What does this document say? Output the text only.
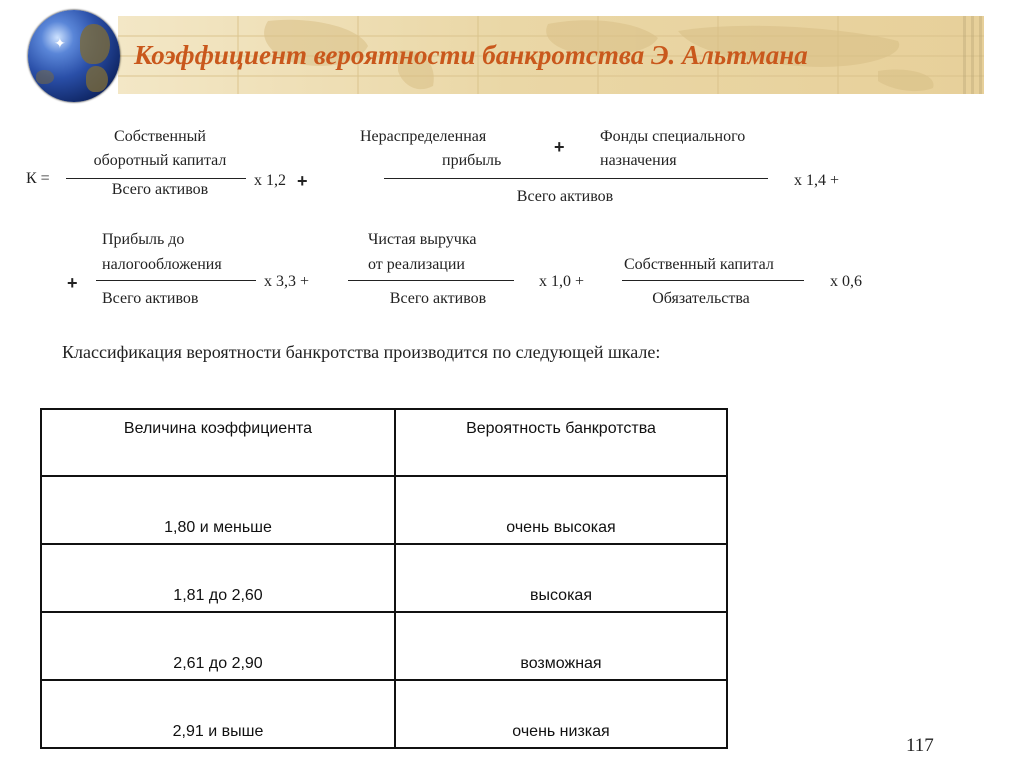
✦	Коэффициент вероятности банкротства Э. Альтмана
К =
Собственный
оборотный капитал
Всего активов
х 1,2 +
Нераспределенная
прибыль
+
Фонды специального
назначения
Всего активов
х 1,4 +
+
Прибыль до
налогообложения
Всего активов
х 3,3 +
Чистая выручка
от реализации
Всего активов
х 1,0 +
Собственный капитал
Обязательства
х 0,6
Классификация вероятности банкротства производится по следующей шкале:
Величина коэффициента	Вероятность банкротства
1,80 и меньше	очень высокая
1,81 до 2,60	высокая
2,61 до 2,90	возможная
2,91 и выше	очень низкая
117
